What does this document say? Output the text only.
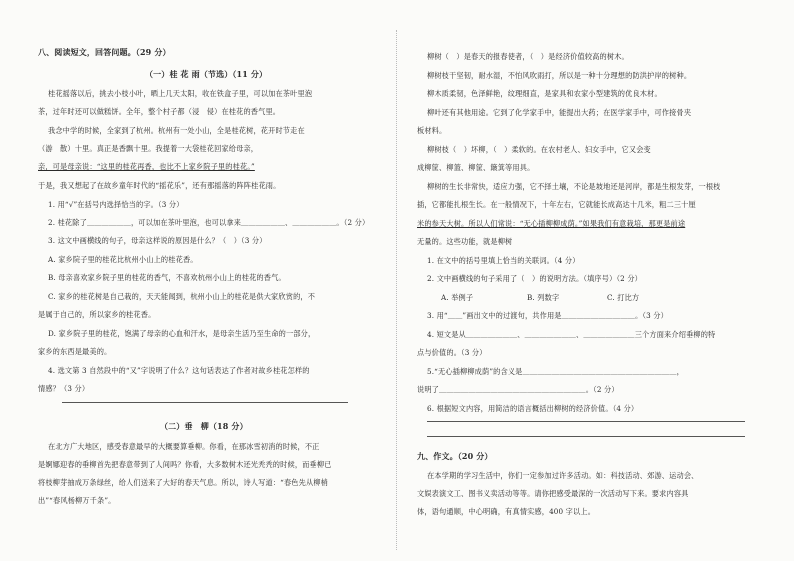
八、阅读短文，回答问题。（29 分）
（一）桂 花 雨（节选）（11 分）
桂花摇落以后，挑去小枝小叶，晒上几天太阳，收在铁盒子里，可以加在茶叶里泡
茶，过年时还可以做糕饼。全年，整个村子都（浸　侵）在桂花的香气里。
我念中学的时候，全家到了杭州。杭州有一处小山，全是桂花树，花开时节走在
（游　散）十里。真正是香飘十里。我提着一大袋桂花回家给母亲，
亲，可是母亲说：“这里的桂花再香，也比不上家乡院子里的桂花。”
于是，我又想起了在故乡童年时代的“摇花乐”，还有那摇落的阵阵桂花雨。
1. 用“√”在括号内选择恰当的字。（3 分）
2. 桂花除了＿＿＿＿＿＿，可以加在茶叶里泡，也可以拿来＿＿＿＿＿＿、＿＿＿＿＿＿。（2 分）
3. 这文中画横线的句子，母亲这样说的原因是什么？（　）（3 分）
A. 家乡院子里的桂花比杭州小山上的桂花香。
B. 母亲喜欢家乡院子里的桂花的香气，不喜欢杭州小山上的桂花的香气。
C. 家乡的桂花树是自己栽的，天天能闻到，杭州小山上的桂花是供大家欣赏的，不
是属于自己的，所以家乡的桂花香。
D. 家乡院子里的桂花，饱满了母亲的心血和汗水，是母亲生活乃至生命的一部分，
家乡的东西是最美的。
4. 选文第 3 自然段中的“又”字说明了什么？这句话表达了作者对故乡桂花怎样的
情感？（3 分）
（二）垂　柳（18 分）
在北方广大地区，感受春意最早的大概要算垂柳。你看，在那冰雪初消的时候，不正
是婀娜迎春的垂柳首先把春意带到了人间吗？你看，大多数树木还光秃秃的时候，而垂柳已
将枝柳芽抽成万条绿丝，给人们送来了大好的春天气息。所以，诗人写道：“春色先从柳梢
出”“春风杨柳万千条”。
柳树（　）是春天的报春使者，（　）是经济价值较高的树木。
柳树枝干坚韧，耐水湿，不怕风吹雨打，所以是一种十分理想的防洪护岸的树种。
柳木质柔韧，色泽鲜艳，纹理细直，是家具和农家小型建筑的优良木材。
柳叶还有其他用途。它到了化学家手中，能提出大药；在医学家手中，可作接骨夹
板材料。
柳树枝（　）坏柳，（　）柔软的。在农村老人、妇女手中，它又会变
成柳筐、柳篮、柳筐、簸箕等用具。
柳树的生长非常快，适应力强，它不择土壤，不论是坡地还是河岸，都是生根发芽，一根枝
插，它都能扎根生长。在一般情况下，十年左右，它就能长成高达十几米，粗二三十厘
米的参天大树。所以人们常说：“无心插柳柳成荫。”如果我们有意栽培，那更是前途
无量的。这些功能，就是柳树
1. 在文中的括号里填上恰当的关联词。（4 分）
2. 文中画横线的句子采用了（　）的说明方法。（填序号）（2 分）
A. 举例子	B. 列数字	C. 打比方
3. 用“＿＿”画出文中的过渡句，共作用是＿＿＿＿＿＿＿＿＿＿。（3 分）
4. 短文是从＿＿＿＿＿＿＿、＿＿＿＿＿＿＿、＿＿＿＿＿＿＿三个方面来介绍垂柳的特
点与价值的。（3 分）
5.“无心插柳柳成荫”的含义是＿＿＿＿＿＿＿＿＿＿＿＿＿＿＿＿＿＿＿＿＿，
说明了＿＿＿＿＿＿＿＿＿＿＿＿＿＿＿＿＿＿＿＿。（2 分）
6. 根据短文内容，用简洁的语言概括出柳树的经济价值。（4 分）
九、作文。（20 分）
在本学期的学习生活中，你们一定参加过许多活动。如：科技活动、郊游、运动会、
文娱表演文工、图书义卖活动等等。请你把感受最深的一次活动写下来。要求内容具
体，语句通顺，中心明确，有真情实感，400 字以上。
